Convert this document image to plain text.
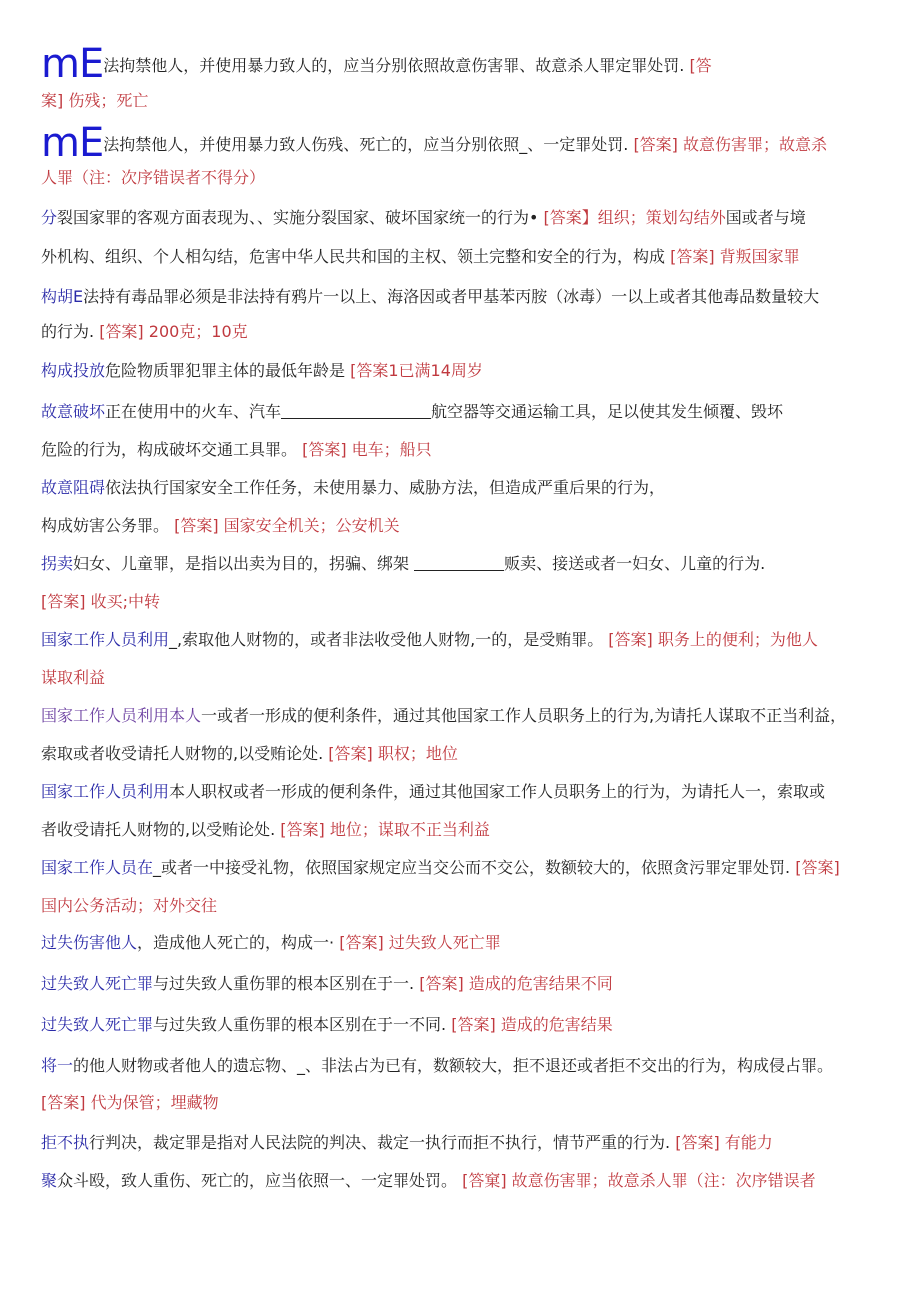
mE法拘禁他人，并使用暴力致人的，应当分别依照故意伤害罪、故意杀人罪定罪处罚. [答
案] 伤残；死亡
mE法拘禁他人，并使用暴力致人伤残、死亡的，应当分别依照_、一定罪处罚. [答案] 故意伤害罪；故意杀
人罪（注：次序错误者不得分）
分裂国家罪的客观方面表现为、、实施分裂国家、破坏国家统一的行为• [答案】组织；策划勾结外国或者与境
外机构、组织、个人相勾结，危害中华人民共和国的主权、领土完整和安全的行为，构成 [答案] 背叛国家罪
构胡E法持有毒品罪必须是非法持有鸦片一以上、海洛因或者甲基苯丙胺（冰毒）一以上或者其他毒品数量较大
的行为. [答案] 200克；10克
构成投放危险物质罪犯罪主体的最低年龄是 [答案1已满14周岁
故意破坏正在使用中的火车、汽车	航空器等交通运输工具，足以使其发生倾覆、毁坏
危险的行为，构成破坏交通工具罪。 [答案] 电车；船只
故意阻碍依法执行国家安全工作任务，未使用暴力、威胁方法，但造成严重后果的行为，
构成妨害公务罪。 [答案] 国家安全机关；公安机关
拐卖妇女、儿童罪，是指以出卖为目的，拐骗、绑架	贩卖、接送或者一妇女、儿童的行为.
[答案] 收买;中转
国家工作人员利用_,索取他人财物的，或者非法收受他人财物,一的，是受贿罪。 [答案] 职务上的便利；为他人
谋取利益
国家工作人员利用本人一或者一形成的便利条件，通过其他国家工作人员职务上的行为,为请托人谋取不正当利益，
索取或者收受请托人财物的,以受贿论处. [答案] 职权；地位
国家工作人员利用本人职权或者一形成的便利条件，通过其他国家工作人员职务上的行为，为请托人一，索取或
者收受请托人财物的,以受贿论处. [答案] 地位；谋取不正当利益
国家工作人员在_或者一中接受礼物，依照国家规定应当交公而不交公，数额较大的，依照贪污罪定罪处罚. [答案]
国内公务活动；对外交往
过失伤害他人，造成他人死亡的，构成一· [答案] 过失致人死亡罪
过失致人死亡罪与过失致人重伤罪的根本区别在于一. [答案] 造成的危害结果不同
过失致人死亡罪与过失致人重伤罪的根本区别在于一不同. [答案] 造成的危害结果
将一的他人财物或者他人的遗忘物、_、非法占为已有，数额较大，拒不退还或者拒不交出的行为，构成侵占罪。
[答案] 代为保管；埋藏物
拒不执行判决，裁定罪是指对人民法院的判决、裁定一执行而拒不执行，情节严重的行为. [答案] 有能力
聚众斗殴，致人重伤、死亡的，应当依照一、一定罪处罚。 [答窠] 故意伤害罪；故意杀人罪（注：次序错误者
